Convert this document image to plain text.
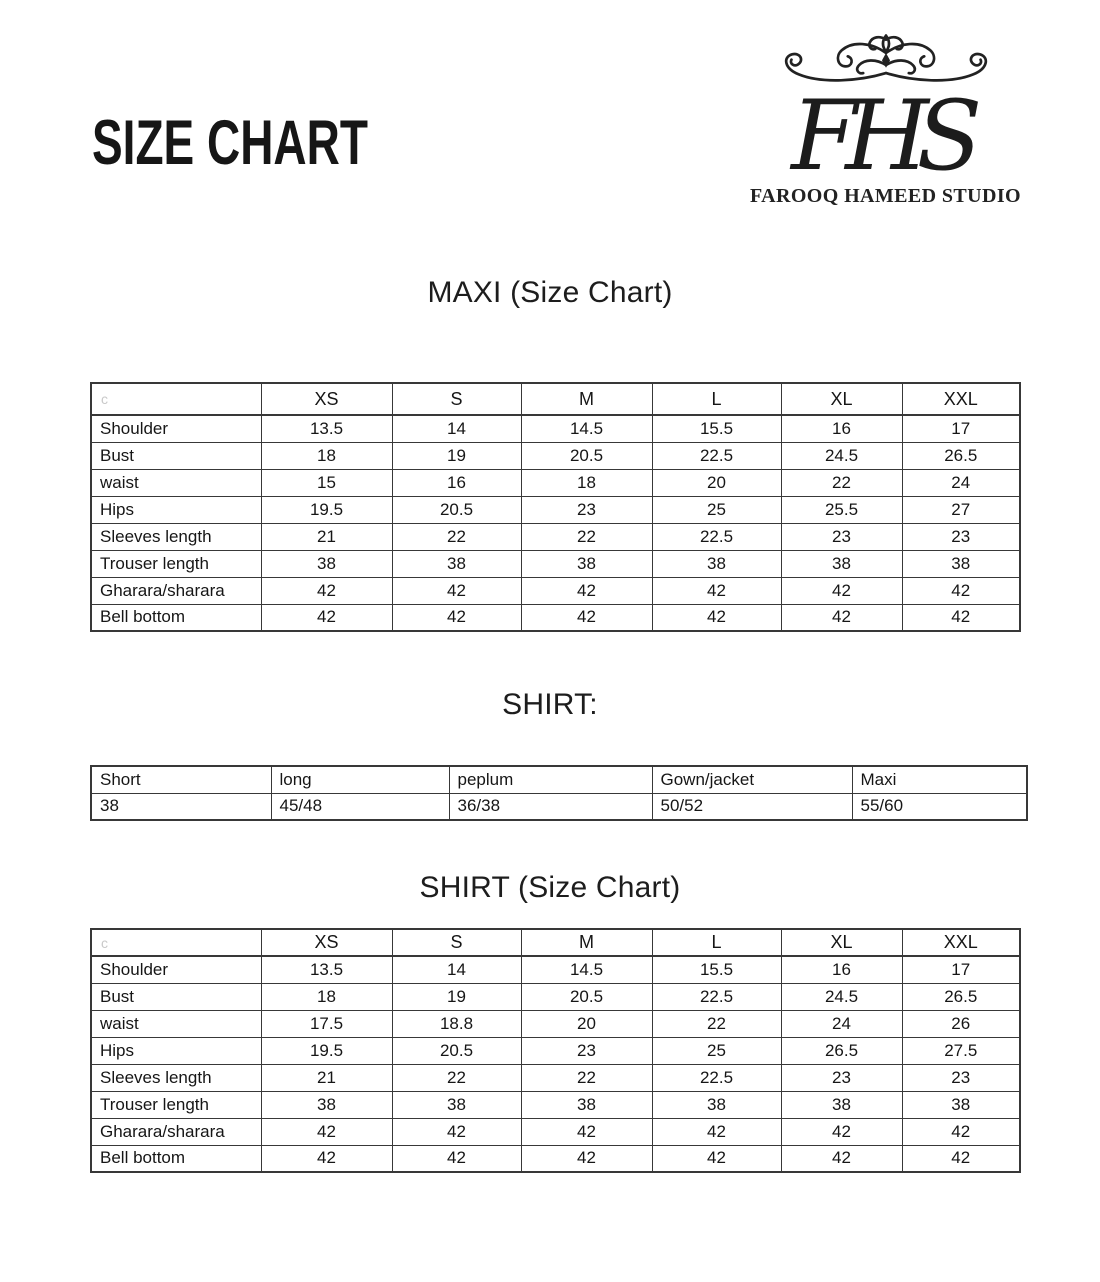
SIZE CHART	FHS
FAROOQ HAMEED STUDIO
MAXI (Size Chart)
c	XS	S	M	L	XL	XXL
Shoulder	13.5	14	14.5	15.5	16	17
Bust	18	19	20.5	22.5	24.5	26.5
waist	15	16	18	20	22	24
Hips	19.5	20.5	23	25	25.5	27
Sleeves length	21	22	22	22.5	23	23
Trouser length	38	38	38	38	38	38
Gharara/sharara	42	42	42	42	42	42
Bell bottom	42	42	42	42	42	42
SHIRT:
Short	long	peplum	Gown/jacket	Maxi
38	45/48	36/38	50/52	55/60
SHIRT (Size Chart)
c	XS	S	M	L	XL	XXL
Shoulder	13.5	14	14.5	15.5	16	17
Bust	18	19	20.5	22.5	24.5	26.5
waist	17.5	18.8	20	22	24	26
Hips	19.5	20.5	23	25	26.5	27.5
Sleeves length	21	22	22	22.5	23	23
Trouser length	38	38	38	38	38	38
Gharara/sharara	42	42	42	42	42	42
Bell bottom	42	42	42	42	42	42
